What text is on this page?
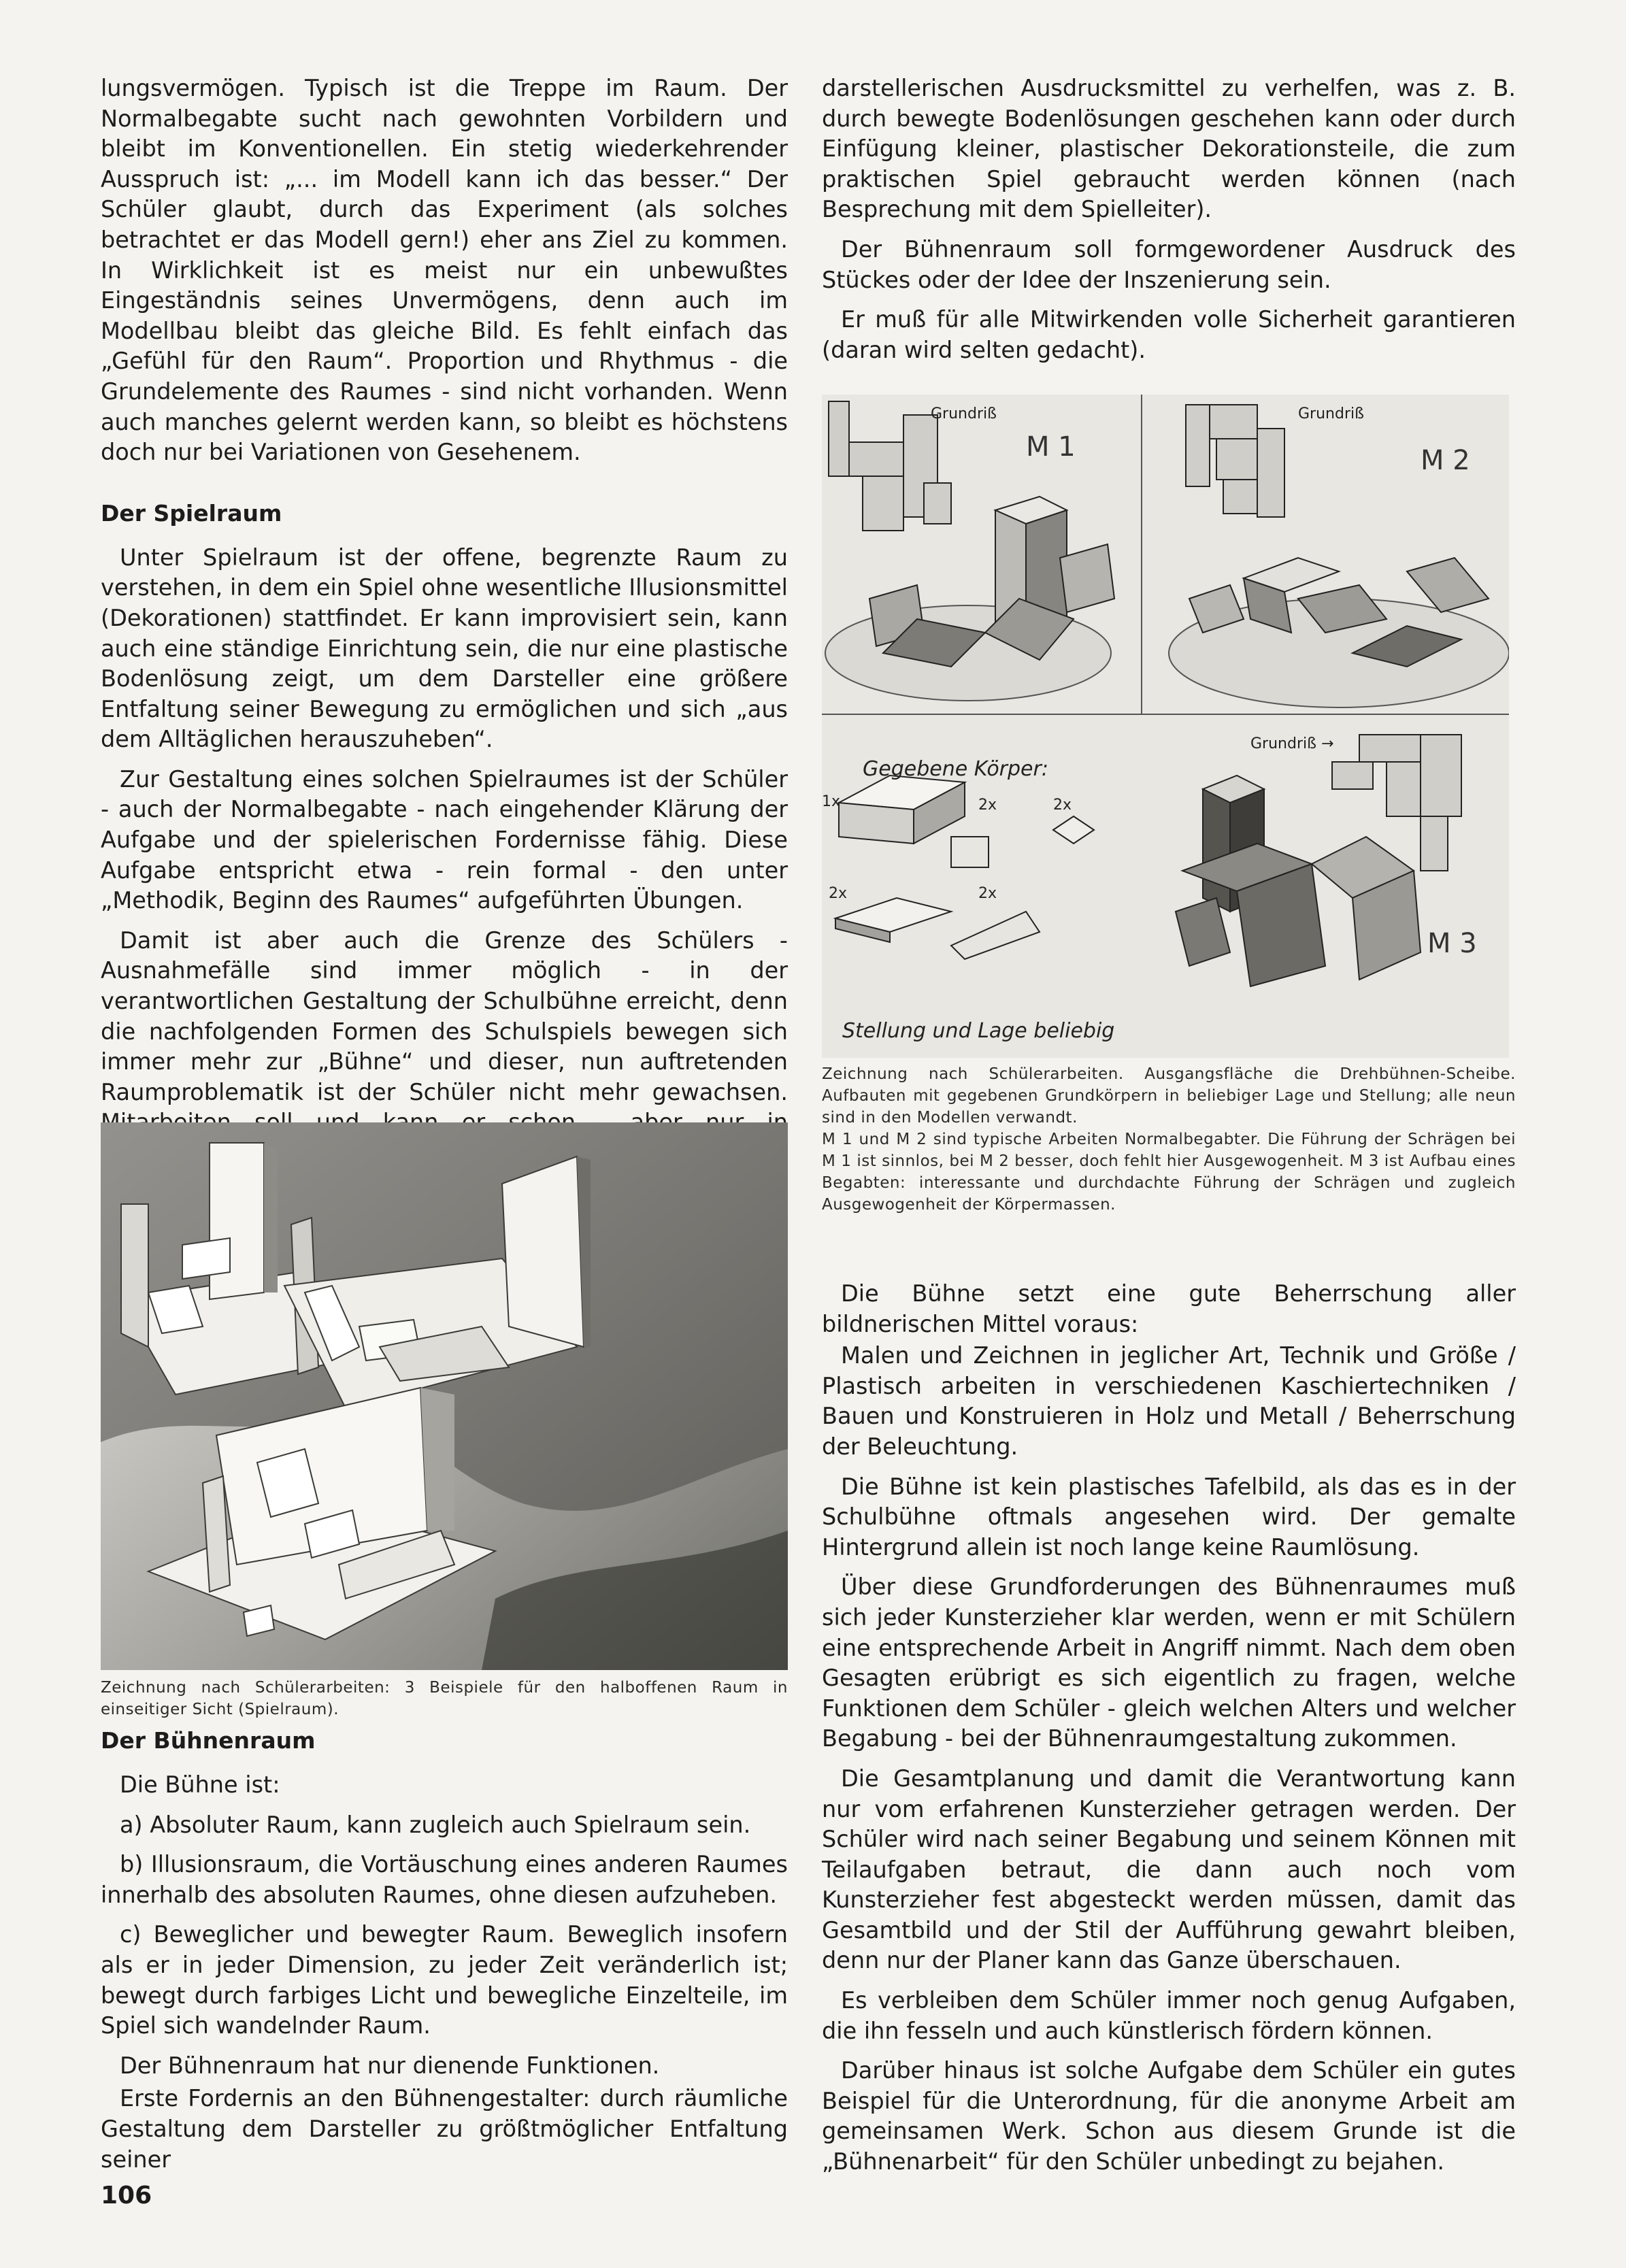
lungsvermögen. Typisch ist die Treppe im Raum. Der Normalbegabte sucht nach gewohnten Vorbildern und bleibt im Konventionellen. Ein stetig wiederkehrender Ausspruch ist: „... im Modell kann ich das besser.“ Der Schüler glaubt, durch das Experiment (als solches betrachtet er das Modell gern!) eher ans Ziel zu kommen. In Wirklichkeit ist es meist nur ein unbewußtes Eingeständnis seines Unvermögens, denn auch im Modellbau bleibt das gleiche Bild. Es fehlt einfach das „Gefühl für den Raum“. Proportion und Rhythmus - die Grundelemente des Raumes - sind nicht vorhanden. Wenn auch manches gelernt werden kann, so bleibt es höchstens doch nur bei Variationen von Gesehenem.

Der Spielraum

Unter Spielraum ist der offene, begrenzte Raum zu verstehen, in dem ein Spiel ohne wesentliche Illusionsmittel (Dekorationen) stattfindet. Er kann improvisiert sein, kann auch eine ständige Einrichtung sein, die nur eine plastische Bodenlösung zeigt, um dem Darsteller eine größere Entfaltung seiner Bewegung zu ermöglichen und sich „aus dem Alltäglichen herauszuheben“.

Zur Gestaltung eines solchen Spielraumes ist der Schüler - auch der Normalbegabte - nach eingehender Klärung der Aufgabe und der spielerischen Fordernisse fähig. Diese Aufgabe entspricht etwa - rein formal - den unter „Methodik, Beginn des Raumes“ aufgeführten Übungen.

Damit ist aber auch die Grenze des Schülers - Ausnahmefälle sind immer möglich - in der verantwortlichen Gestaltung der Schulbühne erreicht, denn die nachfolgenden Formen des Schulspiels bewegen sich immer mehr zur „Bühne“ und dieser, nun auftretenden Raumproblematik ist der Schüler nicht mehr gewachsen.

Zeichnung nach Schülerarbeiten: 3 Beispiele für den halboffenen Raum in einseitiger Sicht (Spielraum).
Der Bühnenraum

Die Bühne ist:

a) Absoluter Raum, kann zugleich auch Spielraum sein.

b) Illusionsraum, die Vortäuschung eines anderen Raumes innerhalb des absoluten Raumes, ohne diesen aufzuheben.

c) Beweglicher und bewegter Raum. Beweglich insofern als er in jeder Dimension, zu jeder Zeit veränderlich ist; bewegt durch farbiges Licht und bewegliche Einzelteile, im Spiel sich wandelnder Raum.

Der Bühnenraum hat nur dienende Funktionen.

Erste Fordernis an den Bühnengestalter: durch räumliche Gestaltung dem Darsteller zu größtmöglicher Entfaltung seiner

darstellerischen Ausdrucksmittel zu verhelfen, was z. B. durch bewegte Bodenlösungen geschehen kann oder durch Einfügung kleiner, plastischer Dekorationsteile, die zum praktischen Spiel gebraucht werden können (nach Besprechung mit dem Spielleiter).

Der Bühnenraum soll formgewordener Ausdruck des Stückes oder der Idee der Inszenierung sein.

Er muß für alle Mitwirkenden volle Sicherheit garantieren (daran wird selten gedacht).

Grundriß	Grundriß
Grundriß →
M 1	M 2
M 3
Gegebene Körper:
Stellung und Lage beliebig
1x	2x	2x
2x	2x
Zeichnung nach Schülerarbeiten. Ausgangsfläche die Drehbühnen-Scheibe. Aufbauten mit gegebenen Grundkörpern in beliebiger Lage und Stellung; alle neun sind in den Modellen verwandt.
M 1 und M 2 sind typische Arbeiten Normalbegabter. Die Führung der Schrägen bei M 1 ist sinnlos, bei M 2 besser, doch fehlt hier Ausgewogenheit. M 3 ist Aufbau eines Begabten: interessante und durchdachte Führung der Schrägen und zugleich Ausgewogenheit der Körpermassen.

Die Bühne setzt eine gute Beherrschung aller bildnerischen Mittel voraus:

Malen und Zeichnen in jeglicher Art, Technik und Größe / Plastisch arbeiten in verschiedenen Kaschiertechniken / Bauen und Konstruieren in Holz und Metall / Beherrschung der Beleuchtung.

Die Bühne ist kein plastisches Tafelbild, als das es in der Schulbühne oftmals angesehen wird. Der gemalte Hintergrund allein ist noch lange keine Raumlösung.

Über diese Grundforderungen des Bühnenraumes muß sich jeder Kunsterzieher klar werden, wenn er mit Schülern eine entsprechende Arbeit in Angriff nimmt. Nach dem oben Gesagten erübrigt es sich eigentlich zu fragen, welche Funktionen dem Schüler - gleich welchen Alters und welcher Begabung - bei der Bühnenraumgestaltung zukommen.

Die Gesamtplanung und damit die Verantwortung kann nur vom erfahrenen Kunsterzieher getragen werden. Der Schüler wird nach seiner Begabung und seinem Können mit Teilaufgaben betraut, die dann auch noch vom Kunsterzieher fest abgesteckt werden müssen, damit das Gesamtbild und der Stil der Aufführung gewahrt bleiben, denn nur der Planer kann das Ganze überschauen.

Es verbleiben dem Schüler immer noch genug Aufgaben, die ihn fesseln und auch künstlerisch fördern können.

Darüber hinaus ist solche Aufgabe dem Schüler ein gutes Beispiel für die Unterordnung, für die anonyme Arbeit am gemeinsamen Werk. Schon aus diesem Grunde ist die „Bühnenarbeit“ für den Schüler unbedingt zu bejahen.

106
